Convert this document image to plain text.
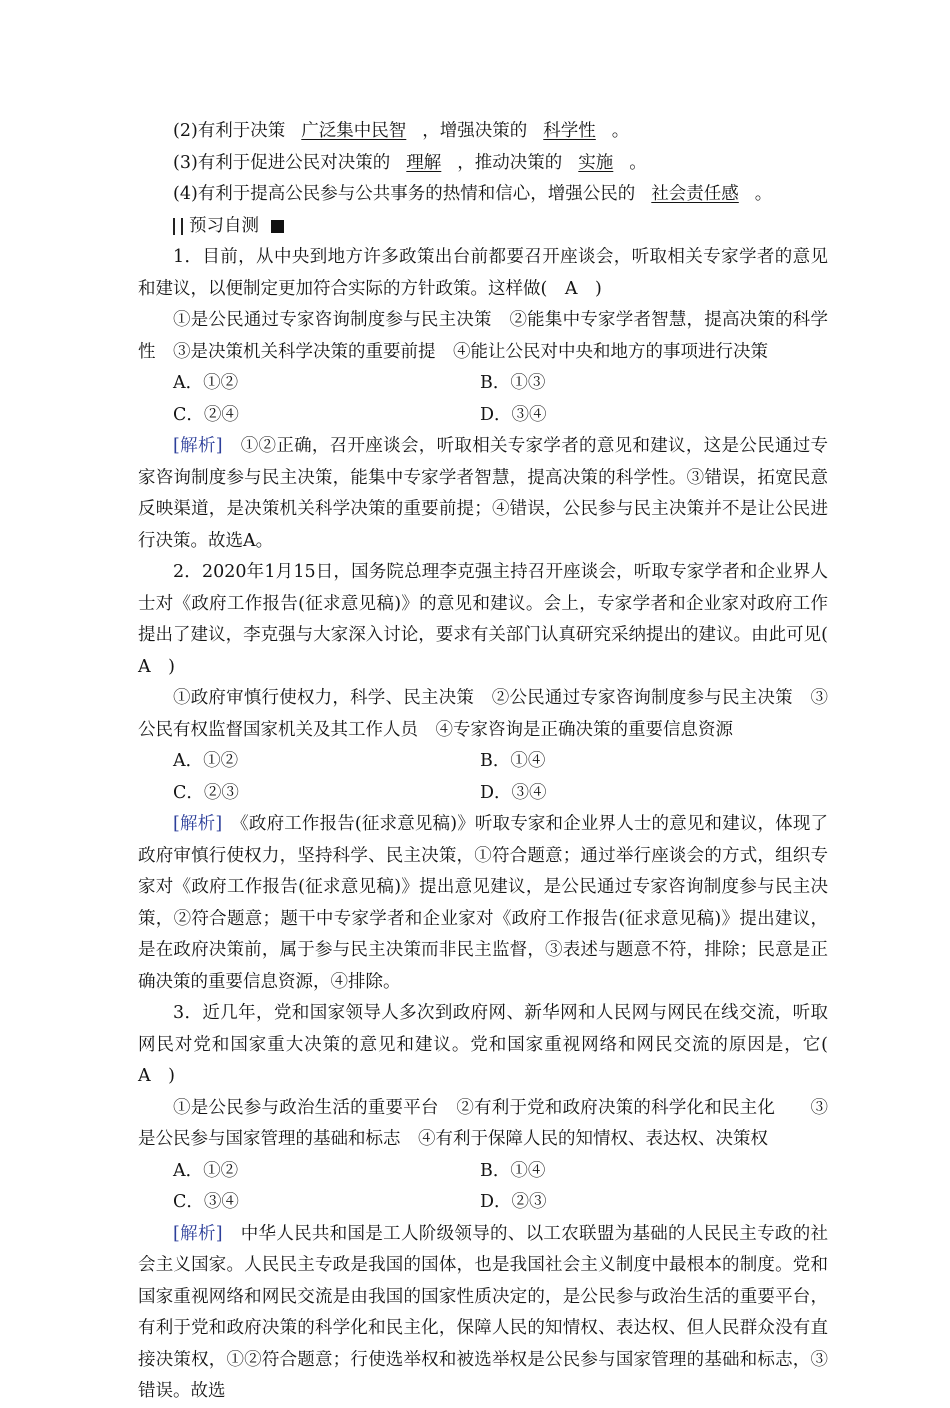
(2)有利于决策 广泛集中民智 ，增强决策的 科学性 。
(3)有利于促进公民对决策的 理解 ，推动决策的 实施 。
(4)有利于提高公民参与公共事务的热情和信心，增强公民的 社会责任感 。
预习自测
1．目前，从中央到地方许多政策出台前都要召开座谈会，听取相关专家学者的意见和建议，以便制定更加符合实际的方针政策。这样做(　A　)
①是公民通过专家咨询制度参与民主决策　②能集中专家学者智慧，提高决策的科学性　③是决策机关科学决策的重要前提　④能让公民对中央和地方的事项进行决策
A．①②	B．①③
C．②④	D．③④
[解析]　 ①②正确，召开座谈会，听取相关专家学者的意见和建议，这是公民通过专家咨询制度参与民主决策，能集中专家学者智慧，提高决策的科学性。③错误，拓宽民意反映渠道，是决策机关科学决策的重要前提；④错误，公民参与民主决策并不是让公民进行决策。故选A。
2．2020年1月15日，国务院总理李克强主持召开座谈会，听取专家学者和企业界人士对《政府工作报告(征求意见稿)》的意见和建议。会上，专家学者和企业家对政府工作提出了建议，李克强与大家深入讨论，要求有关部门认真研究采纳提出的建议。由此可见(　A　)
①政府审慎行使权力，科学、民主决策　②公民通过专家咨询制度参与民主决策　③公民有权监督国家机关及其工作人员　④专家咨询是正确决策的重要信息资源
A．①②	B．①④
C．②③	D．③④
[解析]　 《政府工作报告(征求意见稿)》听取专家和企业界人士的意见和建议，体现了政府审慎行使权力，坚持科学、民主决策，①符合题意；通过举行座谈会的方式，组织专家对《政府工作报告(征求意见稿)》提出意见建议，是公民通过专家咨询制度参与民主决策，②符合题意；题干中专家学者和企业家对《政府工作报告(征求意见稿)》提出建议，是在政府决策前，属于参与民主决策而非民主监督，③表述与题意不符，排除；民意是正确决策的重要信息资源，④排除。
3．近几年，党和国家领导人多次到政府网、新华网和人民网与网民在线交流，听取网民对党和国家重大决策的意见和建议。党和国家重视网络和网民交流的原因是，它(　A　)
①是公民参与政治生活的重要平台　②有利于党和政府决策的科学化和民主化　　③是公民参与国家管理的基础和标志　④有利于保障人民的知情权、表达权、决策权
A．①②	B．①④
C．③④	D．②③
[解析]　 中华人民共和国是工人阶级领导的、以工农联盟为基础的人民民主专政的社会主义国家。人民民主专政是我国的国体，也是我国社会主义制度中最根本的制度。党和国家重视网络和网民交流是由我国的国家性质决定的，是公民参与政治生活的重要平台，有利于党和政府决策的科学化和民主化，保障人民的知情权、表达权、但人民群众没有直接决策权，①②符合题意；行使选举权和被选举权是公民参与国家管理的基础和标志，③错误。故选
